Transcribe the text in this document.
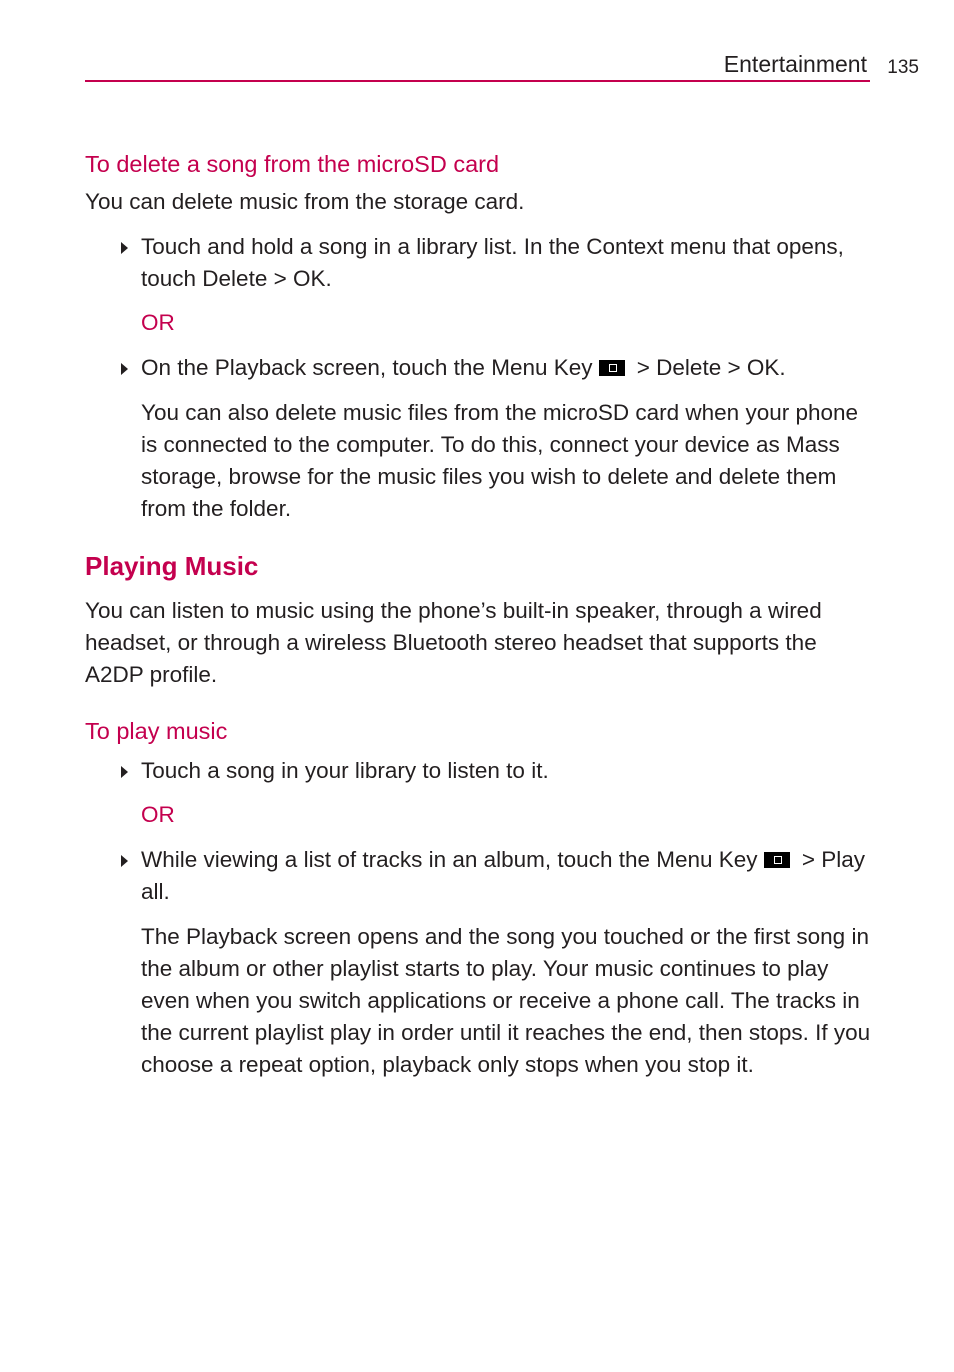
Entertainment 135
To delete a song from the microSD card

You can delete music from the storage card.

Touch and hold a song in a library list. In the Context menu that opens, touch Delete > OK.

OR

On the Playback screen, touch the Menu Key > Delete > OK.

You can also delete music files from the microSD card when your phone is connected to the computer. To do this, connect your device as Mass storage, browse for the music files you wish to delete and delete them from the folder.

Playing Music

You can listen to music using the phone’s built-in speaker, through a wired headset, or through a wireless Bluetooth stereo headset that supports the A2DP profile.

To play music
Touch a song in your library to listen to it.

OR

While viewing a list of tracks in an album, touch the Menu Key > Play all.

The Playback screen opens and the song you touched or the first song in the album or other playlist starts to play. Your music continues to play even when you switch applications or receive a phone call. The tracks in the current playlist play in order until it reaches the end, then stops. If you choose a repeat option, playback only stops when you stop it.
